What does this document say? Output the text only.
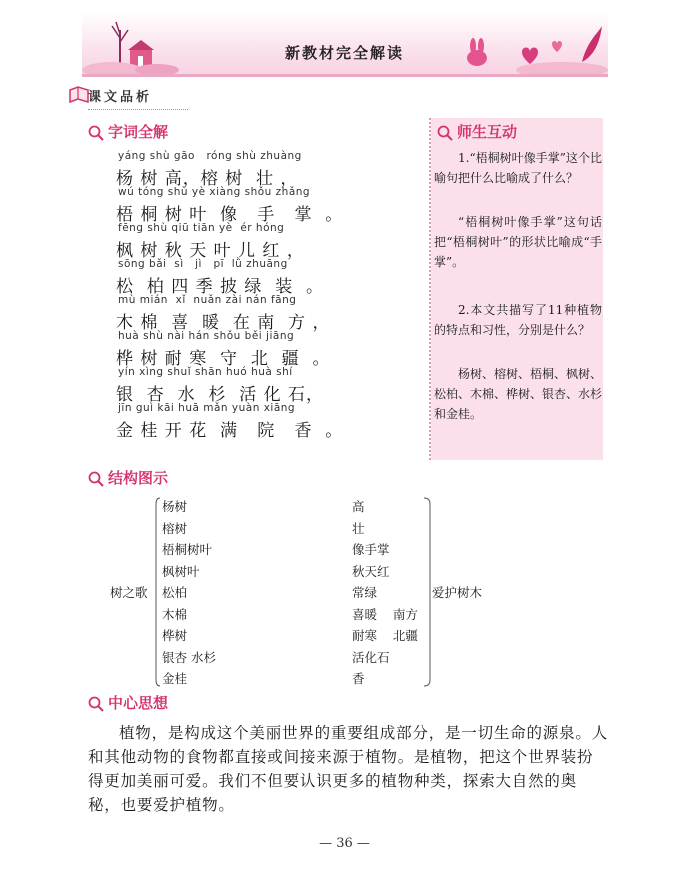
新教材完全解读
课文品析
字词全解
yáng shù gāo   róng shù zhuàng
杨 树 高，榕 树  壮 ，
wú tóng shù yè xiàng shǒu zhǎng
梧 桐 树 叶  像   手   掌  。
fēng shù qiū tiān yè  ér hóng
枫 树 秋 天 叶 儿 红 ，
sōng bǎi  sì   jì   pī  lǜ zhuāng
松  柏 四 季 披 绿  装  。
mù mián  xǐ  nuǎn zài nán fāng
木 棉  喜  暖  在 南  方 ，
huà shù nài hán shǒu běi jiāng
桦 树 耐 寒  守  北  疆  。
yín xìng shuǐ shān huó huà shí
银  杏  水  杉  活 化 石，
jīn guì kāi huā mǎn yuàn xiāng
金 桂 开 花  满   院   香  。
师生互动
1.“梧桐树叶像手掌”这个比喻句把什么比喻成了什么？
“梧桐树叶像手掌”这句话把“梧桐树叶”的形状比喻成“手掌”。
2.本文共描写了11种植物的特点和习性，分别是什么？
杨树、榕树、梧桐、枫树、松柏、木棉、桦树、银杏、水杉和金桂。
结构图示
树之歌	爱护树木
杨树
榕树
梧桐树叶
枫树叶
松柏
木棉
桦树
银杏 水杉
金桂
高
壮
像手掌
秋天红
常绿
喜暖    南方
耐寒    北疆
活化石
香
中心思想
植物，是构成这个美丽世界的重要组成部分，是一切生命的源泉。人和其他动物的食物都直接或间接来源于植物。是植物，把这个世界装扮得更加美丽可爱。我们不但要认识更多的植物种类，探索大自然的奥秘，也要爱护植物。
— 36 —
